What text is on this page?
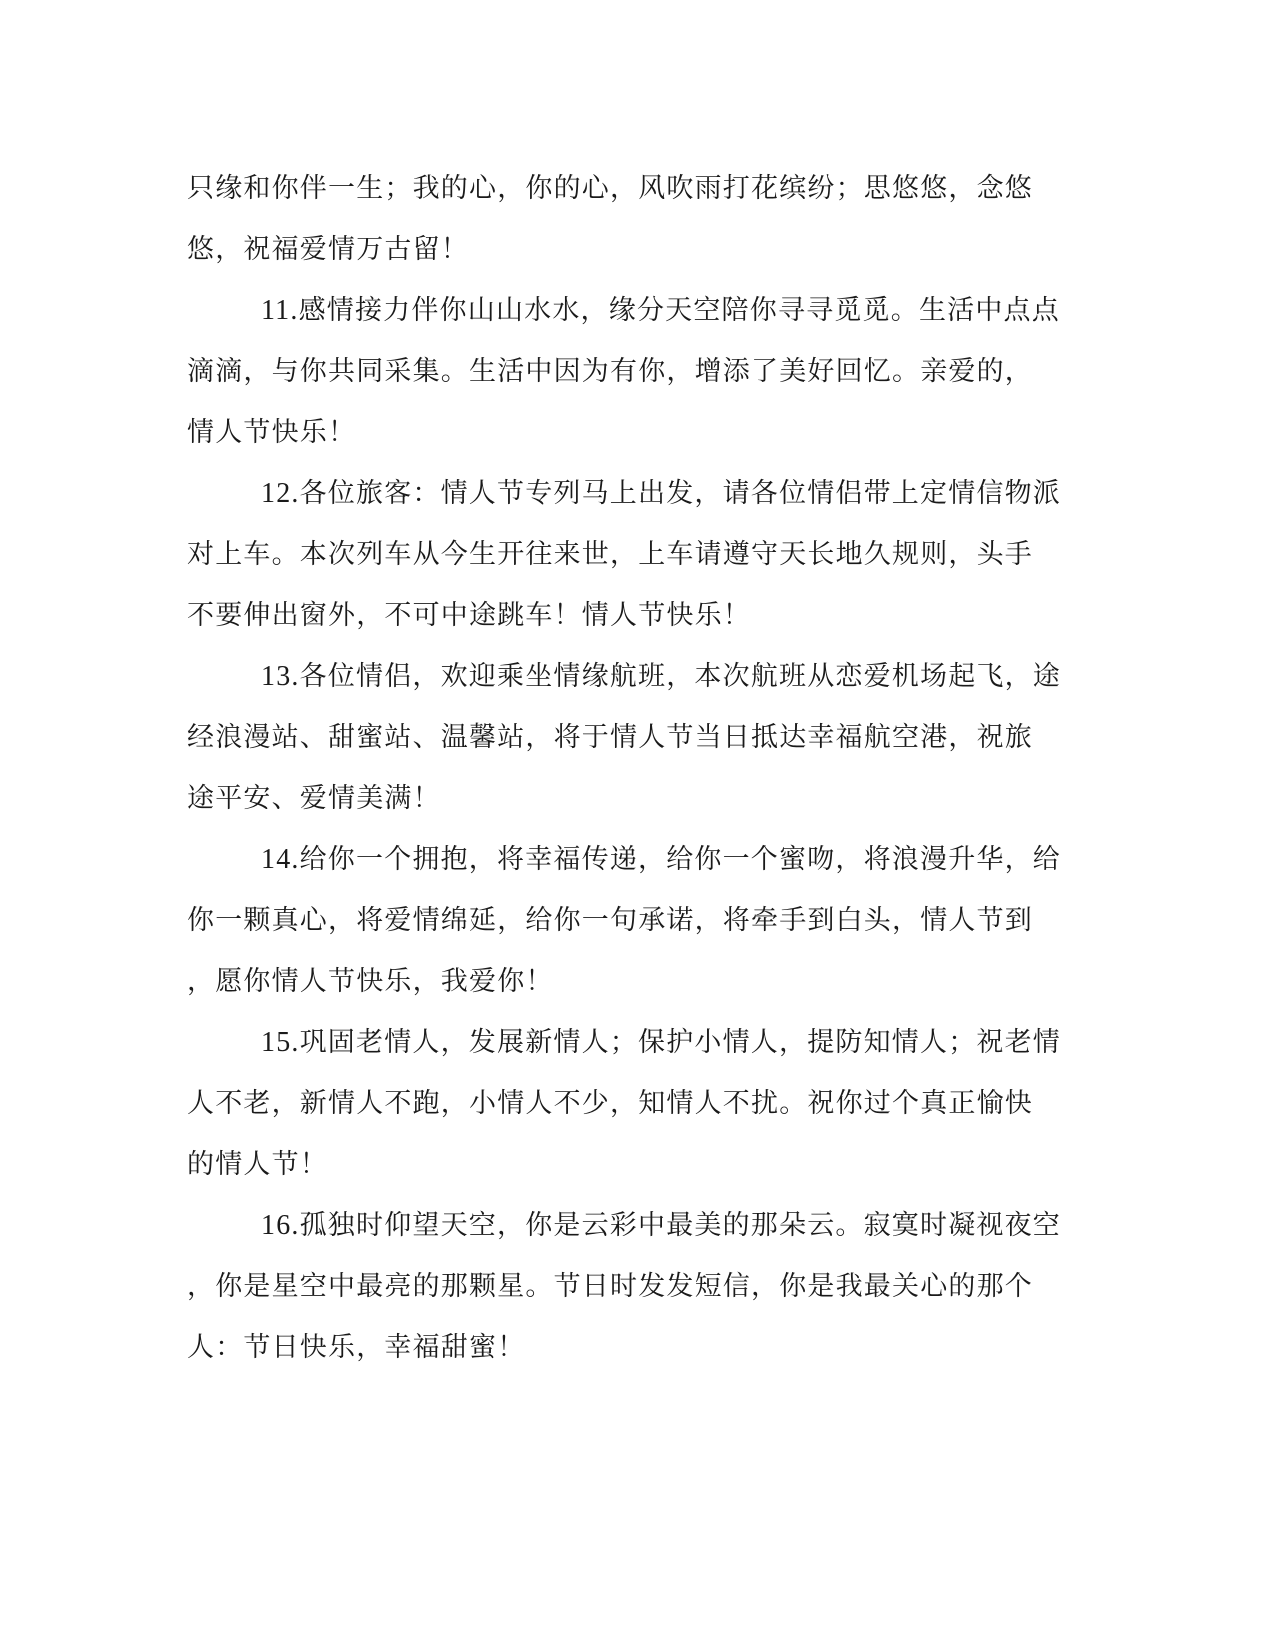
只缘和你伴一生；我的心，你的心，风吹雨打花缤纷；思悠悠，念悠
悠，祝福爱情万古留！
11.感情接力伴你山山水水，缘分天空陪你寻寻觅觅。生活中点点
滴滴，与你共同采集。生活中因为有你，增添了美好回忆。亲爱的，
情人节快乐！
12.各位旅客：情人节专列马上出发，请各位情侣带上定情信物派
对上车。本次列车从今生开往来世，上车请遵守天长地久规则，头手
不要伸出窗外，不可中途跳车！情人节快乐！
13.各位情侣，欢迎乘坐情缘航班，本次航班从恋爱机场起飞，途
经浪漫站、甜蜜站、温馨站，将于情人节当日抵达幸福航空港，祝旅
途平安、爱情美满！
14.给你一个拥抱，将幸福传递，给你一个蜜吻，将浪漫升华，给
你一颗真心，将爱情绵延，给你一句承诺，将牵手到白头，情人节到
，愿你情人节快乐，我爱你！
15.巩固老情人，发展新情人；保护小情人，提防知情人；祝老情
人不老，新情人不跑，小情人不少，知情人不扰。祝你过个真正愉快
的情人节！
16.孤独时仰望天空，你是云彩中最美的那朵云。寂寞时凝视夜空
，你是星空中最亮的那颗星。节日时发发短信，你是我最关心的那个
人：节日快乐，幸福甜蜜！
